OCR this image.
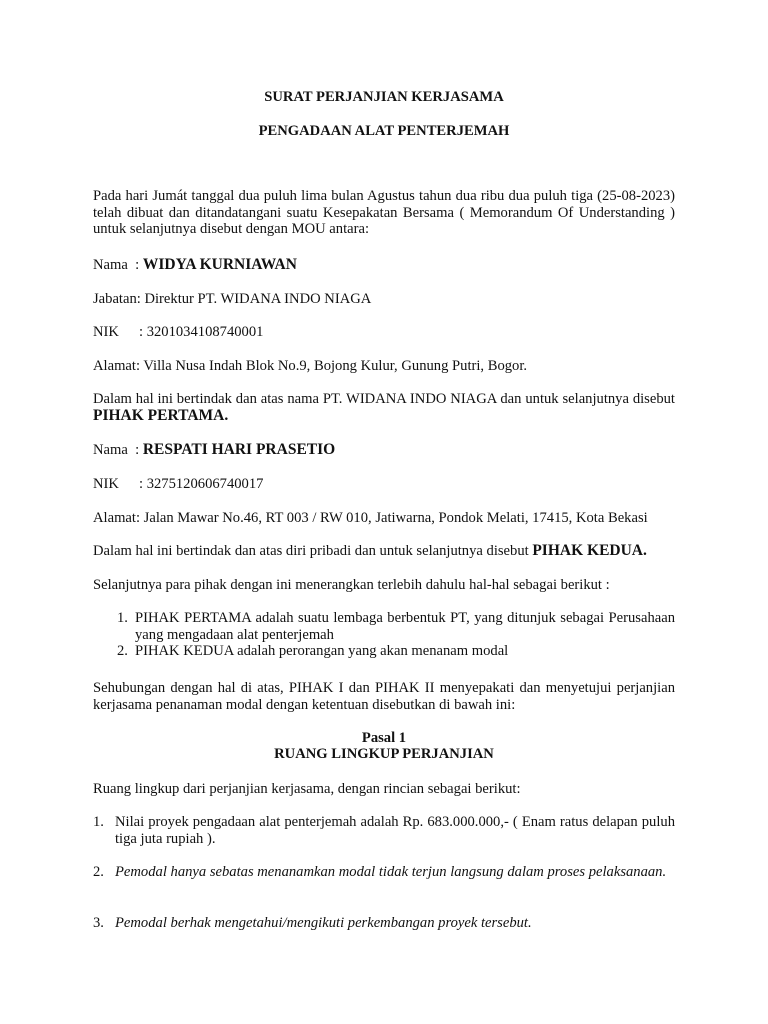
SURAT PERJANJIAN KERJASAMA

PENGADAAN ALAT PENTERJEMAH

Pada hari Jumát tanggal dua puluh lima bulan Agustus tahun dua ribu dua puluh tiga (25-08-2023) telah dibuat dan ditandatangani suatu Kesepakatan Bersama ( Memorandum Of Understanding ) untuk selanjutnya disebut dengan MOU antara:

Nama : WIDYA KURNIAWAN

Jabatan: Direktur PT. WIDANA INDO NIAGA

NIK : 3201034108740001

Alamat: Villa Nusa Indah Blok No.9, Bojong Kulur, Gunung Putri, Bogor.

Dalam hal ini bertindak dan atas nama PT. WIDANA INDO NIAGA dan untuk selanjutnya disebut PIHAK PERTAMA.

Nama : RESPATI HARI PRASETIO

NIK : 3275120606740017

Alamat: Jalan Mawar No.46, RT 003 / RW 010, Jatiwarna, Pondok Melati, 17415, Kota Bekasi

Dalam hal ini bertindak dan atas diri pribadi dan untuk selanjutnya disebut PIHAK KEDUA.

Selanjutnya para pihak dengan ini menerangkan terlebih dahulu hal-hal sebagai berikut :

1. PIHAK PERTAMA adalah suatu lembaga berbentuk PT, yang ditunjuk sebagai Perusahaan yang mengadaan alat penterjemah
2. PIHAK KEDUA adalah perorangan yang akan menanam modal

Sehubungan dengan hal di atas, PIHAK I dan PIHAK II menyepakati dan menyetujui perjanjian kerjasama penanaman modal dengan ketentuan disebutkan di bawah ini:

Pasal 1

RUANG LINGKUP PERJANJIAN

Ruang lingkup dari perjanjian kerjasama, dengan rincian sebagai berikut:

1. Nilai proyek pengadaan alat penterjemah adalah Rp. 683.000.000,- ( Enam ratus delapan puluh tiga juta rupiah ).
2. Pemodal hanya sebatas menanamkan modal tidak terjun langsung dalam proses pelaksanaan.
3. Pemodal berhak mengetahui/mengikuti perkembangan proyek tersebut.
